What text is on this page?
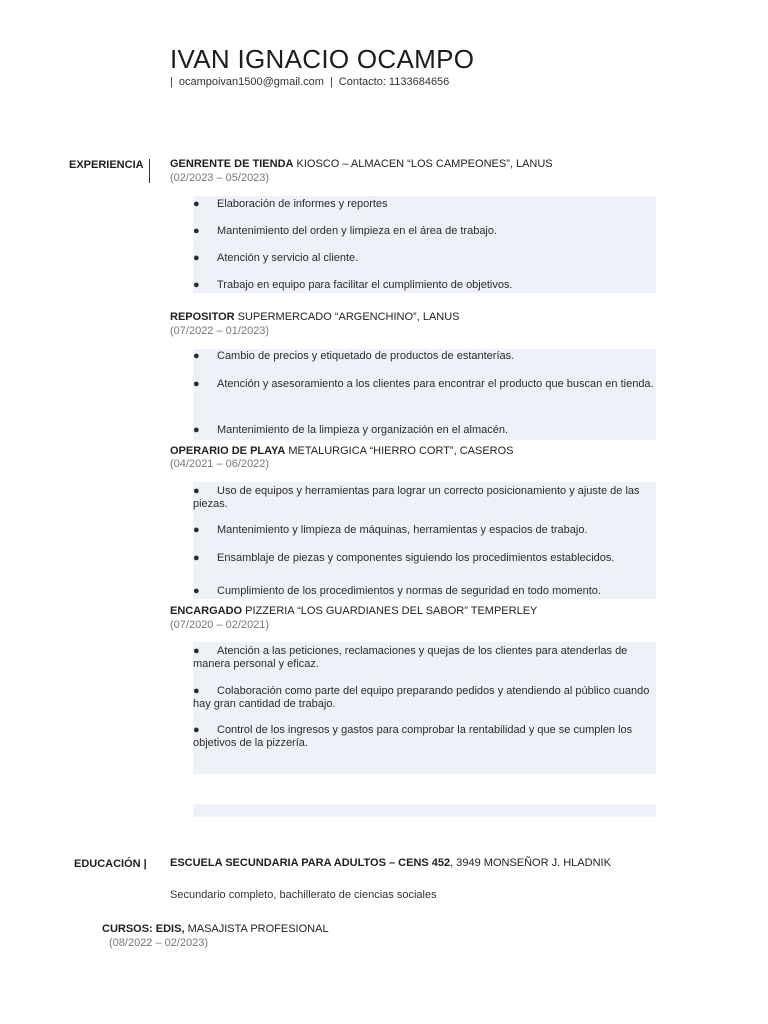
IVAN IGNACIO OCAMPO
| ocampoivan1500@gmail.com | Contacto: 1133684656
EXPERIENCIA GENRENTE DE TIENDA KIOSCO – ALMACEN “LOS CAMPEONES”, LANUS
(02/2023 – 05/2023)
● Elaboración de informes y reportes
● Mantenimiento del orden y limpieza en el área de trabajo.
● Atención y servicio al cliente.
● Trabajo en equipo para facilitar el cumplimiento de objetivos.
REPOSITOR SUPERMERCADO “ARGENCHINO”, LANUS
(07/2022 – 01/2023)
● Cambio de precios y etiquetado de productos de estanterías.
● Atención y asesoramiento a los clientes para encontrar el producto que buscan en tienda.
● Mantenimiento de la limpieza y organización en el almacén.
OPERARIO DE PLAYA METALURGICA “HIERRO CORT”, CASEROS
(04/2021 – 06/2022)
● Uso de equipos y herramientas para lograr un correcto posicionamiento y ajuste de las piezas.
● Mantenimiento y limpieza de máquinas, herramientas y espacios de trabajo.
● Ensamblaje de piezas y componentes siguiendo los procedimientos establecidos.
● Cumplimiento de los procedimientos y normas de seguridad en todo momento.
ENCARGADO PIZZERIA “LOS GUARDIANES DEL SABOR” TEMPERLEY
(07/2020 – 02/2021)
● Atención a las peticiones, reclamaciones y quejas de los clientes para atenderlas de manera personal y eficaz.
● Colaboración como parte del equipo preparando pedidos y atendiendo al público cuando hay gran cantidad de trabajo.
● Control de los ingresos y gastos para comprobar la rentabilidad y que se cumplen los objetivos de la pizzería.
EDUCACIÓN | ESCUELA SECUNDARIA PARA ADULTOS – CENS 452, 3949 MONSEÑOR J. HLADNIK
Secundario completo, bachillerato de ciencias sociales
CURSOS: EDIS, MASAJISTA PROFESIONAL
(08/2022 – 02/2023)
